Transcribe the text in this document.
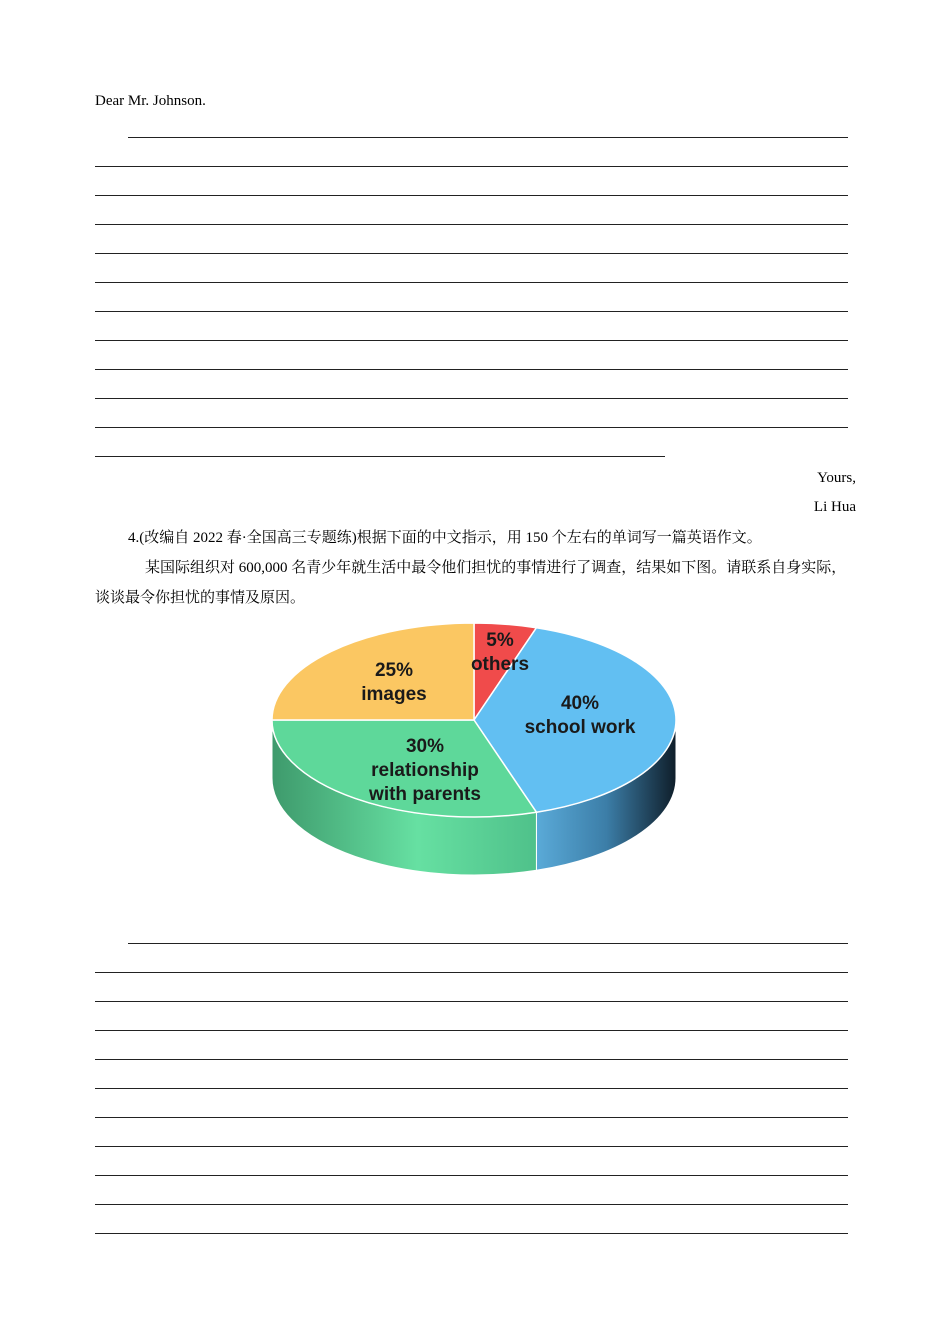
Dear Mr. Johnson.
Yours,
Li Hua
4.(改编自 2022 春·全国高三专题练)根据下面的中文指示，用 150 个左右的单词写一篇英语作文。
某国际组织对 600,000 名青少年就生活中最令他们担忧的事情进行了调查，结果如下图。请联系自身实际，谈谈最令你担忧的事情及原因。
5%
others
40%
school work
30%
relationship
with parents
25%
images
